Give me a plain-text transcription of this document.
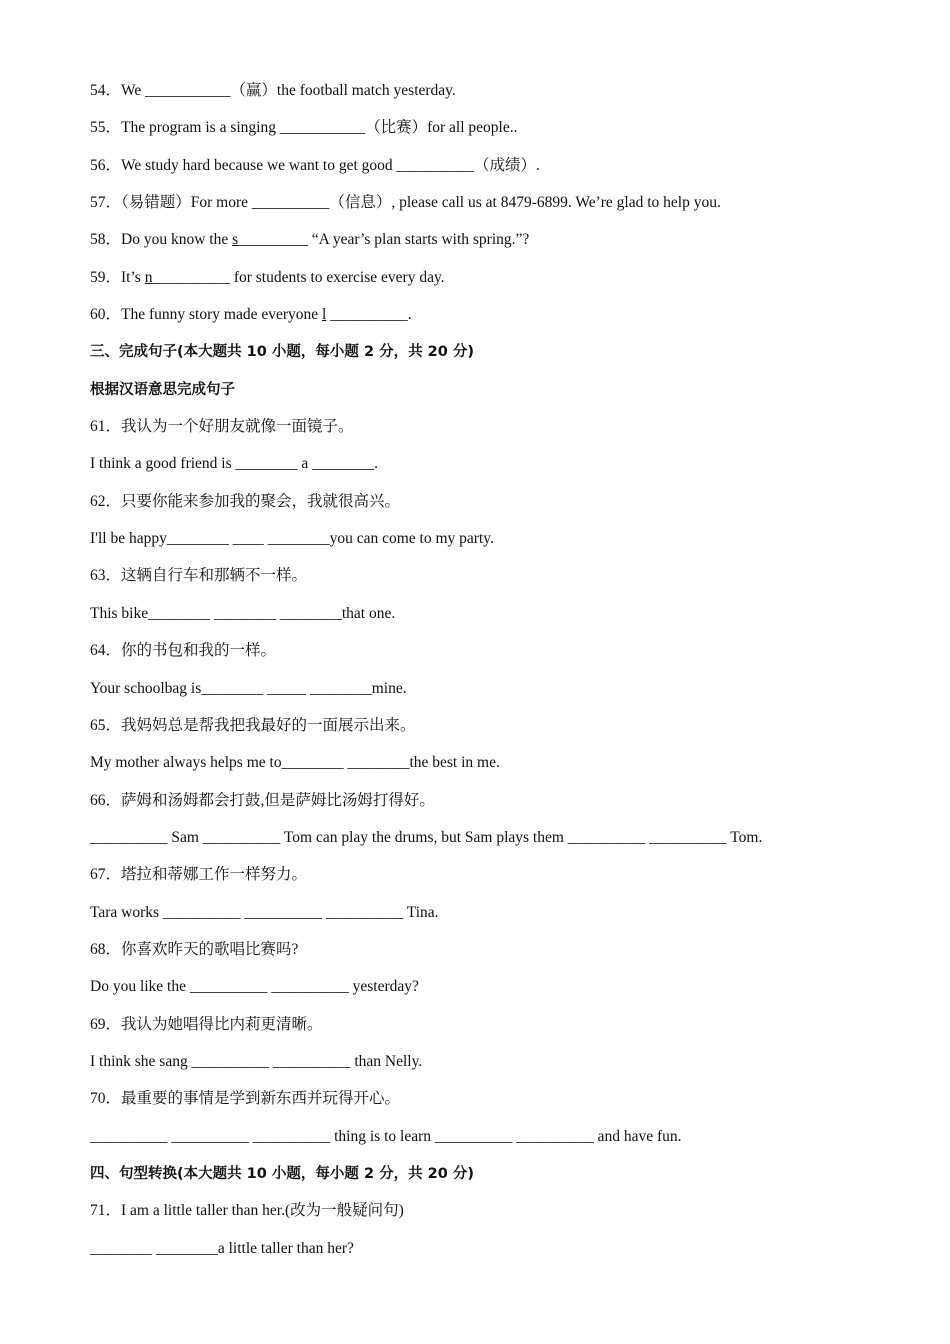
54．We ___________（赢）the football match yesterday.
55．The program is a singing ___________（比赛）for all people..
56．We study hard because we want to get good __________（成绩）.
57．（易错题）For more __________（信息）, please call us at 8479-6899. We’re glad to help you.
58．Do you know the s_________ “A year’s plan starts with spring.”?
59．It’s n__________ for students to exercise every day.
60．The funny story made everyone l __________.
三、完成句子(本大题共 10 小题，每小题 2 分，共 20 分)
根据汉语意思完成句子
61．我认为一个好朋友就像一面镜子。
I think a good friend is ________ a ________.
62．只要你能来参加我的聚会，我就很高兴。
I'll be happy________ ____ ________you can come to my party.
63．这辆自行车和那辆不一样。
This bike________ ________ ________that one.
64．你的书包和我的一样。
Your schoolbag is________ _____ ________mine.
65．我妈妈总是帮我把我最好的一面展示出来。
My mother always helps me to________ ________the best in me.
66．萨姆和汤姆都会打鼓,但是萨姆比汤姆打得好。
__________ Sam __________ Tom can play the drums, but Sam plays them __________ __________ Tom.
67．塔拉和蒂娜工作一样努力。
Tara works __________ __________ __________ Tina.
68．你喜欢昨天的歌唱比赛吗?
Do you like the __________ __________ yesterday?
69．我认为她唱得比内莉更清晰。
I think she sang __________ __________ than Nelly.
70．最重要的事情是学到新东西并玩得开心。
__________ __________ __________ thing is to learn __________ __________ and have fun.
四、句型转换(本大题共 10 小题，每小题 2 分，共 20 分)
71．I am a little taller than her.(改为一般疑问句)
________ ________a little taller than her?
